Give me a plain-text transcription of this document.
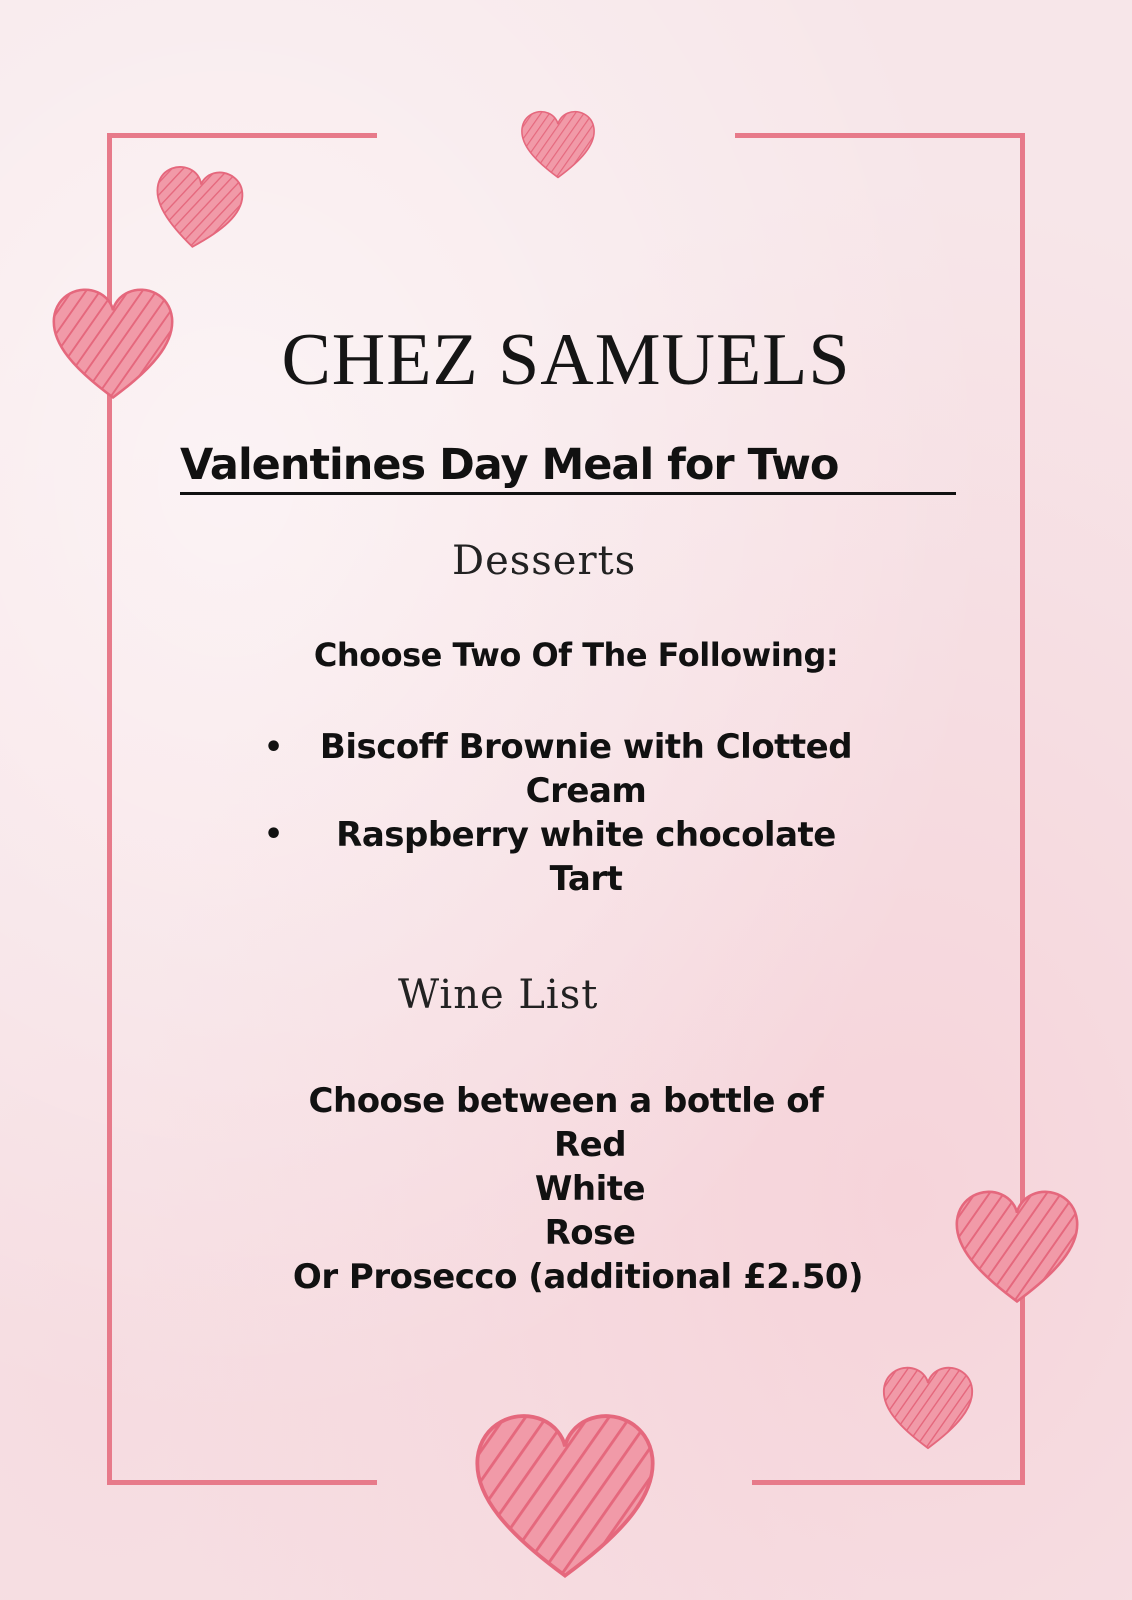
CHEZ SAMUELS
Valentines Day Meal for Two
Desserts
Choose Two Of The Following:
•	Biscoff Brownie with Clotted
Cream
•	Raspberry white chocolate
Tart
Wine List
Choose between a bottle of
Red
White
Rose
Or Prosecco (additional £2.50)
